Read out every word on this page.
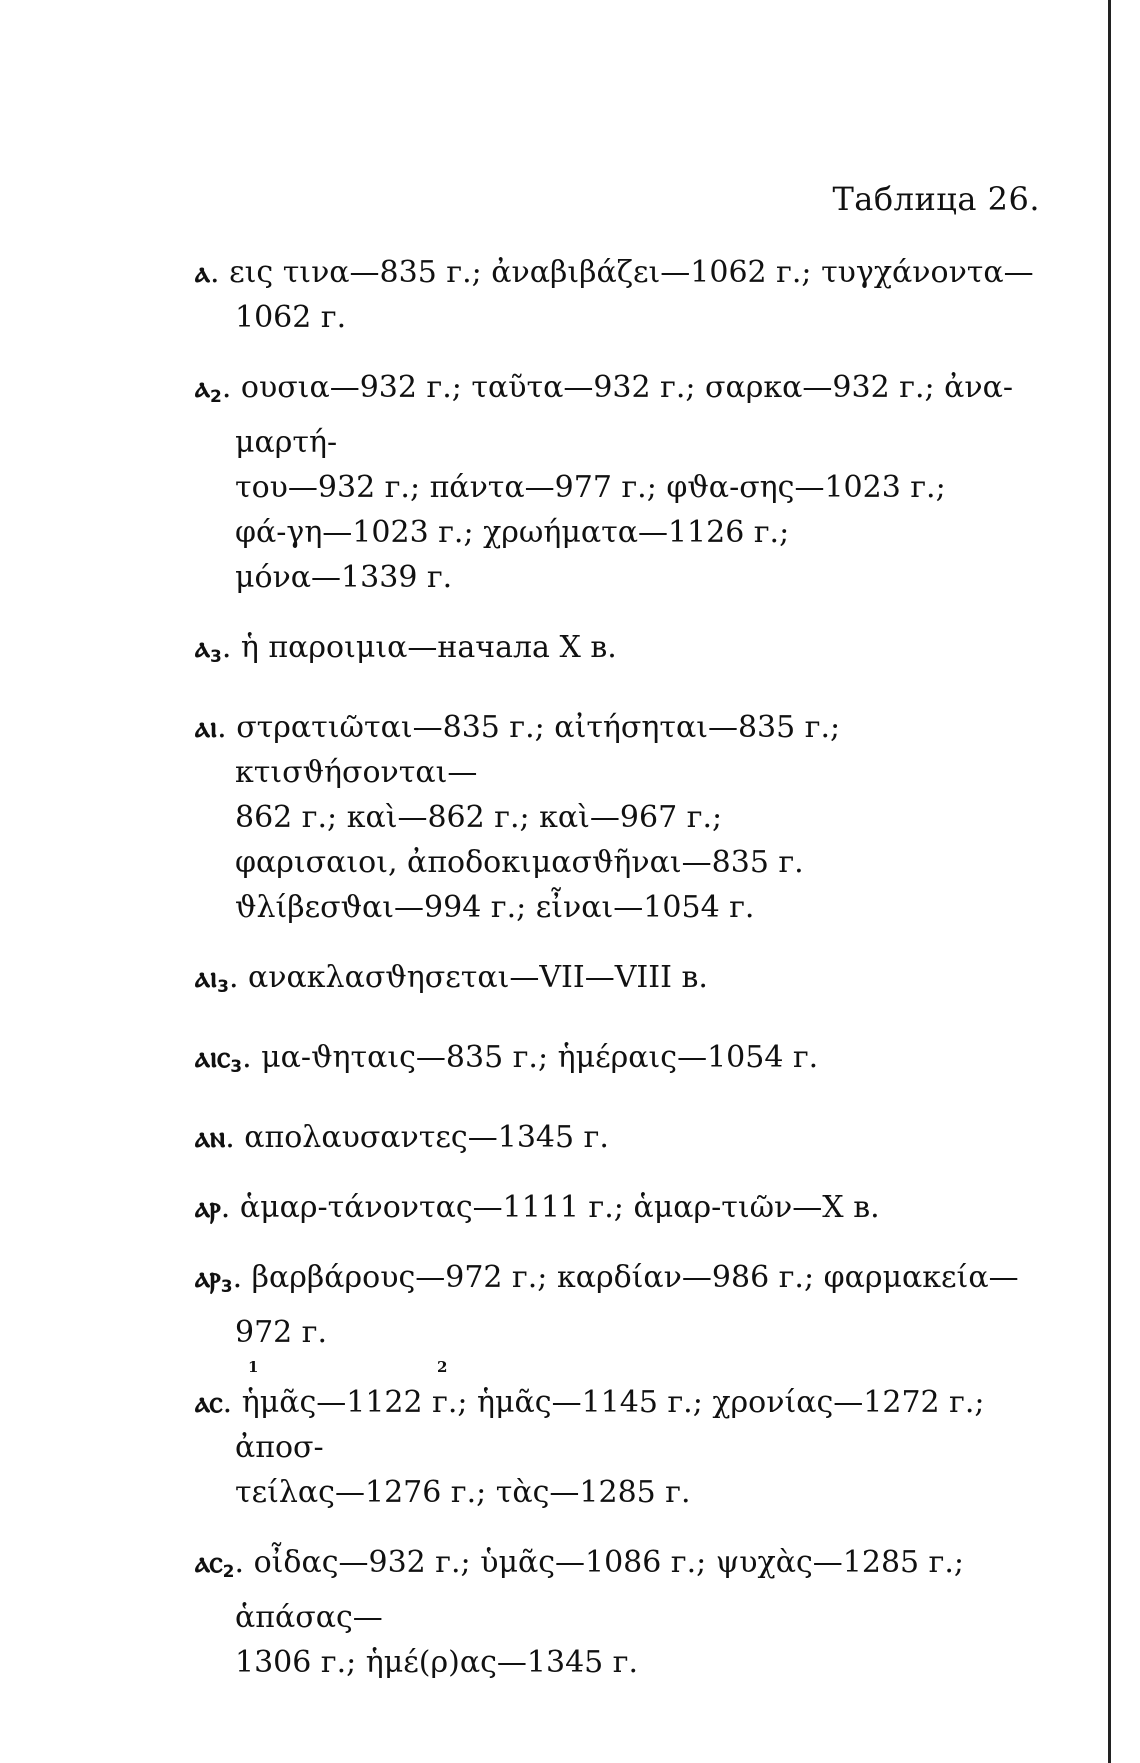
Таблица 26.
ⲁ. εις τινα—835 г.; ἀναβιβάζει—1062 г.; τυγχάνοντα—1062 г.
ⲁ$_2$. ουσια—932 г.; ταῦτα—932 г.; σαρκα—932 г.; ἀνα-μαρτή-
του—932 г.; πάντα—977 г.; φϑα-σης—1023 г.;
φά-γη—1023 г.; χρωήματα—1126 г.;
μόνα—1339 г.
ⲁ$_3$. ἡ παροιμια—начала X в.
ⲁⲓ. στρατιῶται—835 г.; αἰτήσηται—835 г.; κτισϑήσονται—
862 г.; καὶ—862 г.; καὶ—967 г.;
φαρισαιοι, ἀποδοκιμασϑῆναι—835 г.
ϑλίβεσϑαι—994 г.; εἶναι—1054 г.
ⲁⲓ$_3$. ανακλασϑησεται—VII—VIII в.
ⲁⲓⲥ$_3$. μα-ϑηταις—835 г.; ἡμέραις—1054 г.
ⲁⲛ. απολαυσαντες—1345 г.
ⲁⲣ. ἁμαρ-τάνοντας—1111 г.; ἁμαρ-τιῶν—X в.
ⲁⲣ$_3$. βαρβάρους—972 г.; καρδίαν—986 г.; φαρμακεία—972 г.
1	2
ⲁⲥ. ἡμᾶς—1122 г.; ἡμᾶς—1145 г.; χρονίας—1272 г.; ἀποσ-
τείλας—1276 г.; τὰς—1285 г.
ⲁⲥ$_2$. οἶδας—932 г.; ὑμᾶς—1086 г.; ψυχὰς—1285 г.; ἁπάσας—
1306 г.; ἡμέ(ρ)ας—1345 г.
